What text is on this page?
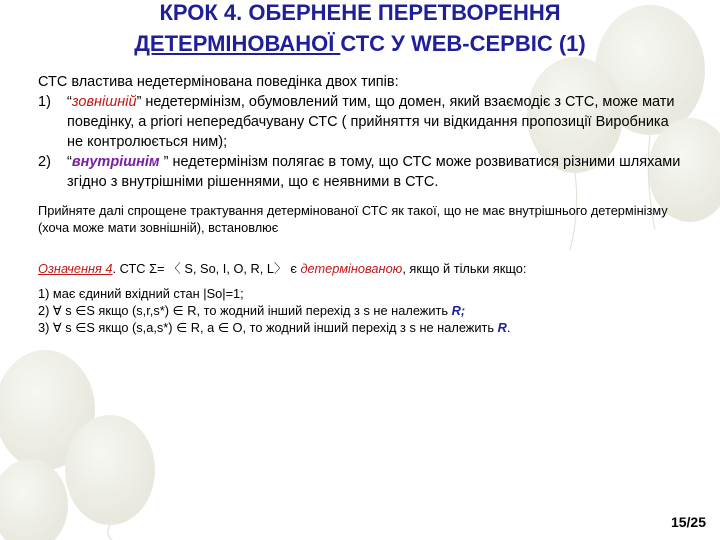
КРОК 4. ОБЕРНЕНЕ ПЕРЕТВОРЕННЯ
ДЕТЕРМІНОВАНОЇ СТС У WEB-СЕРВІС (1)

СТС властива недетермінована поведінка двох типів:

1) “зовнішній” недетермінізм, обумовлений тим, що домен, який взаємодіє з СТС, може мати поведінку, а priori непередбачувану СТС ( прийняття чи відкидання пропозиції Виробника не контролюється ним);
2) “внутрішнім ” недетермінізм полягає в тому, що СТС може розвиватися різними шляхами згідно з внутрішніми рішеннями, що є неявними в СТС.

Прийняте далі спрощене трактування детермінованої СТС як такої, що не має внутрішнього детермінізму (хоча може мати зовнішній), встановлює

Означення 4. СТС Σ= 〈 S, So, I, O, R, L〉 є детермінованою, якщо й тільки якщо:

1) має єдиний вхідний стан |So|=1;
2) ∀ s ∈S якщо (s,r,s*) ∈ R, то жодний інший перехід з s не належить R;
3) ∀ s ∈S якщо (s,a,s*) ∈ R, a ∈ O, то жодний інший перехід з s не належить R.
15/25
